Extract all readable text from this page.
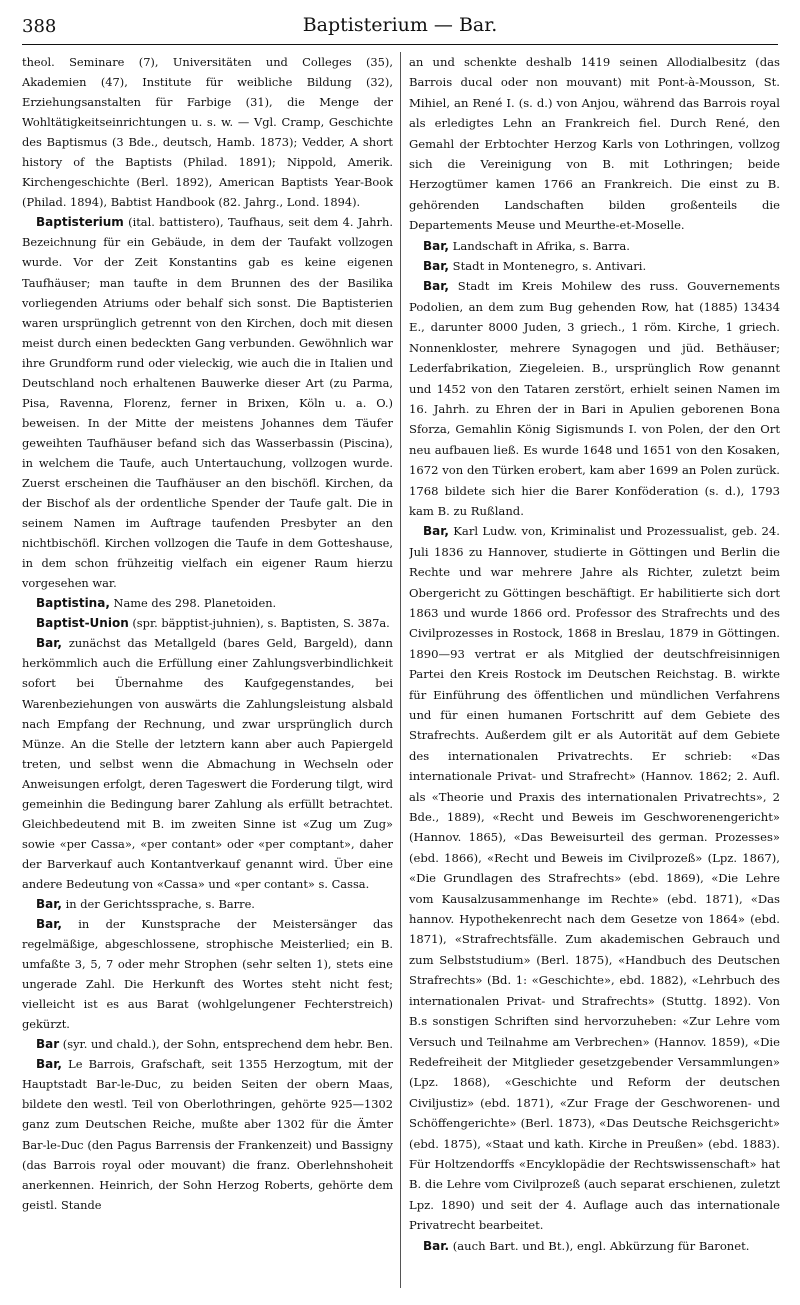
388	Baptisterium — Bar.

theol. Seminare (7), Universitäten und Colleges (35), Akademien (47), Institute für weibliche Bildung (32), Erziehungsanstalten für Farbige (31), die Menge der Wohltätigkeitseinrichtungen u. s. w. — Vgl. Cramp, Geschichte des Baptismus (3 Bde., deutsch, Hamb. 1873); Vedder, A short history of the Baptists (Philad. 1891); Nippold, Amerik. Kirchengeschichte (Berl. 1892), American Baptists Year-Book (Philad. 1894), Babtist Handbook (82. Jahrg., Lond. 1894).

Baptisterium (ital. battistero), Taufhaus, seit dem 4. Jahrh. Bezeichnung für ein Gebäude, in dem der Taufakt vollzogen wurde. Vor der Zeit Konstantins gab es keine eigenen Taufhäuser; man taufte in dem Brunnen des der Basilika vorliegenden Atriums oder behalf sich sonst. Die Baptisterien waren ursprünglich getrennt von den Kirchen, doch mit diesen meist durch einen bedeckten Gang verbunden. Gewöhnlich war ihre Grundform rund oder vieleckig, wie auch die in Italien und Deutschland noch erhaltenen Bauwerke dieser Art (zu Parma, Pisa, Ravenna, Florenz, ferner in Brixen, Köln u. a. O.) beweisen. In der Mitte der meistens Johannes dem Täufer geweihten Taufhäuser befand sich das Wasserbassin (Piscina), in welchem die Taufe, auch Untertauchung, vollzogen wurde. Zuerst erscheinen die Taufhäuser an den bischöfl. Kirchen, da der Bischof als der ordentliche Spender der Taufe galt. Die in seinem Namen im Auftrage taufenden Presbyter an den nichtbischöfl. Kirchen vollzogen die Taufe in dem Gotteshause, in dem schon frühzeitig vielfach ein eigener Raum hierzu vorgesehen war.

Baptistina, Name des 298. Planetoiden.

Baptist-Union (spr. bäpptist-juhnien), s. Baptisten, S. 387a.

Bar, zunächst das Metallgeld (bares Geld, Bargeld), dann herkömmlich auch die Erfüllung einer Zahlungsverbindlichkeit sofort bei Übernahme des Kaufgegenstandes, bei Warenbeziehungen von auswärts die Zahlungsleistung alsbald nach Empfang der Rechnung, und zwar ursprünglich durch Münze. An die Stelle der letztern kann aber auch Papiergeld treten, und selbst wenn die Abmachung in Wechseln oder Anweisungen erfolgt, deren Tageswert die Forderung tilgt, wird gemeinhin die Bedingung barer Zahlung als erfüllt betrachtet. Gleichbedeutend mit B. im zweiten Sinne ist «Zug um Zug» sowie «per Cassa», «per contant» oder «per comptant», daher der Barverkauf auch Kontantverkauf genannt wird. Über eine andere Bedeutung von «Cassa» und «per contant» s. Cassa.

Bar, in der Gerichtssprache, s. Barre.

Bar, in der Kunstsprache der Meistersänger das regelmäßige, abgeschlossene, strophische Meisterlied; ein B. umfaßte 3, 5, 7 oder mehr Strophen (sehr selten 1), stets eine ungerade Zahl. Die Herkunft des Wortes steht nicht fest; vielleicht ist es aus Barat (wohlgelungener Fechterstreich) gekürzt.

Bar (syr. und chald.), der Sohn, entsprechend dem hebr. Ben.

Bar, Le Barrois, Grafschaft, seit 1355 Herzogtum, mit der Hauptstadt Bar-le-Duc, zu beiden Seiten der obern Maas, bildete den westl. Teil von Oberlothringen, gehörte 925—1302 ganz zum Deutschen Reiche, mußte aber 1302 für die Ämter Bar-le-Duc (den Pagus Barrensis der Frankenzeit) und Bassigny (das Barrois royal oder mouvant) die franz. Oberlehnshoheit anerkennen. Heinrich, der Sohn Herzog Roberts, gehörte dem geistl. Stande

an und schenkte deshalb 1419 seinen Allodialbesitz (das Barrois ducal oder non mouvant) mit Pont-à-Mousson, St. Mihiel, an René I. (s. d.) von Anjou, während das Barrois royal als erledigtes Lehn an Frankreich fiel. Durch René, den Gemahl der Erbtochter Herzog Karls von Lothringen, vollzog sich die Vereinigung von B. mit Lothringen; beide Herzogtümer kamen 1766 an Frankreich. Die einst zu B. gehörenden Landschaften bilden großenteils die Departements Meuse und Meurthe-et-Moselle.

Bar, Landschaft in Afrika, s. Barra.

Bar, Stadt in Montenegro, s. Antivari.

Bar, Stadt im Kreis Mohilew des russ. Gouvernements Podolien, an dem zum Bug gehenden Row, hat (1885) 13434 E., darunter 8000 Juden, 3 griech., 1 röm. Kirche, 1 griech. Nonnenkloster, mehrere Synagogen und jüd. Bethäuser; Lederfabrikation, Ziegeleien. B., ursprünglich Row genannt und 1452 von den Tataren zerstört, erhielt seinen Namen im 16. Jahrh. zu Ehren der in Bari in Apulien geborenen Bona Sforza, Gemahlin König Sigismunds I. von Polen, der den Ort neu aufbauen ließ. Es wurde 1648 und 1651 von den Kosaken, 1672 von den Türken erobert, kam aber 1699 an Polen zurück. 1768 bildete sich hier die Barer Konföderation (s. d.), 1793 kam B. zu Rußland.

Bar, Karl Ludw. von, Kriminalist und Prozessualist, geb. 24. Juli 1836 zu Hannover, studierte in Göttingen und Berlin die Rechte und war mehrere Jahre als Richter, zuletzt beim Obergericht zu Göttingen beschäftigt. Er habilitierte sich dort 1863 und wurde 1866 ord. Professor des Strafrechts und des Civilprozesses in Rostock, 1868 in Breslau, 1879 in Göttingen. 1890—93 vertrat er als Mitglied der deutschfreisinnigen Partei den Kreis Rostock im Deutschen Reichstag. B. wirkte für Einführung des öffentlichen und mündlichen Verfahrens und für einen humanen Fortschritt auf dem Gebiete des Strafrechts. Außerdem gilt er als Autorität auf dem Gebiete des internationalen Privatrechts. Er schrieb: «Das internationale Privat- und Strafrecht» (Hannov. 1862; 2. Aufl. als «Theorie und Praxis des internationalen Privatrechts», 2 Bde., 1889), «Recht und Beweis im Geschworenengericht» (Hannov. 1865), «Das Beweisurteil des german. Prozesses» (ebd. 1866), «Recht und Beweis im Civilprozeß» (Lpz. 1867), «Die Grundlagen des Strafrechts» (ebd. 1869), «Die Lehre vom Kausalzusammenhange im Rechte» (ebd. 1871), «Das hannov. Hypothekenrecht nach dem Gesetze von 1864» (ebd. 1871), «Strafrechtsfälle. Zum akademischen Gebrauch und zum Selbststudium» (Berl. 1875), «Handbuch des Deutschen Strafrechts» (Bd. 1: «Geschichte», ebd. 1882), «Lehrbuch des internationalen Privat- und Strafrechts» (Stuttg. 1892). Von B.s sonstigen Schriften sind hervorzuheben: «Zur Lehre vom Versuch und Teilnahme am Verbrechen» (Hannov. 1859), «Die Redefreiheit der Mitglieder gesetzgebender Versammlungen» (Lpz. 1868), «Geschichte und Reform der deutschen Civiljustiz» (ebd. 1871), «Zur Frage der Geschworenen- und Schöffengerichte» (Berl. 1873), «Das Deutsche Reichsgericht» (ebd. 1875), «Staat und kath. Kirche in Preußen» (ebd. 1883). Für Holtzendorffs «Encyklopädie der Rechtswissenschaft» hat B. die Lehre vom Civilprozeß (auch separat erschienen, zuletzt Lpz. 1890) und seit der 4. Auflage auch das internationale Privatrecht bearbeitet.

Bar. (auch Bart. und Bt.), engl. Abkürzung für Baronet.
